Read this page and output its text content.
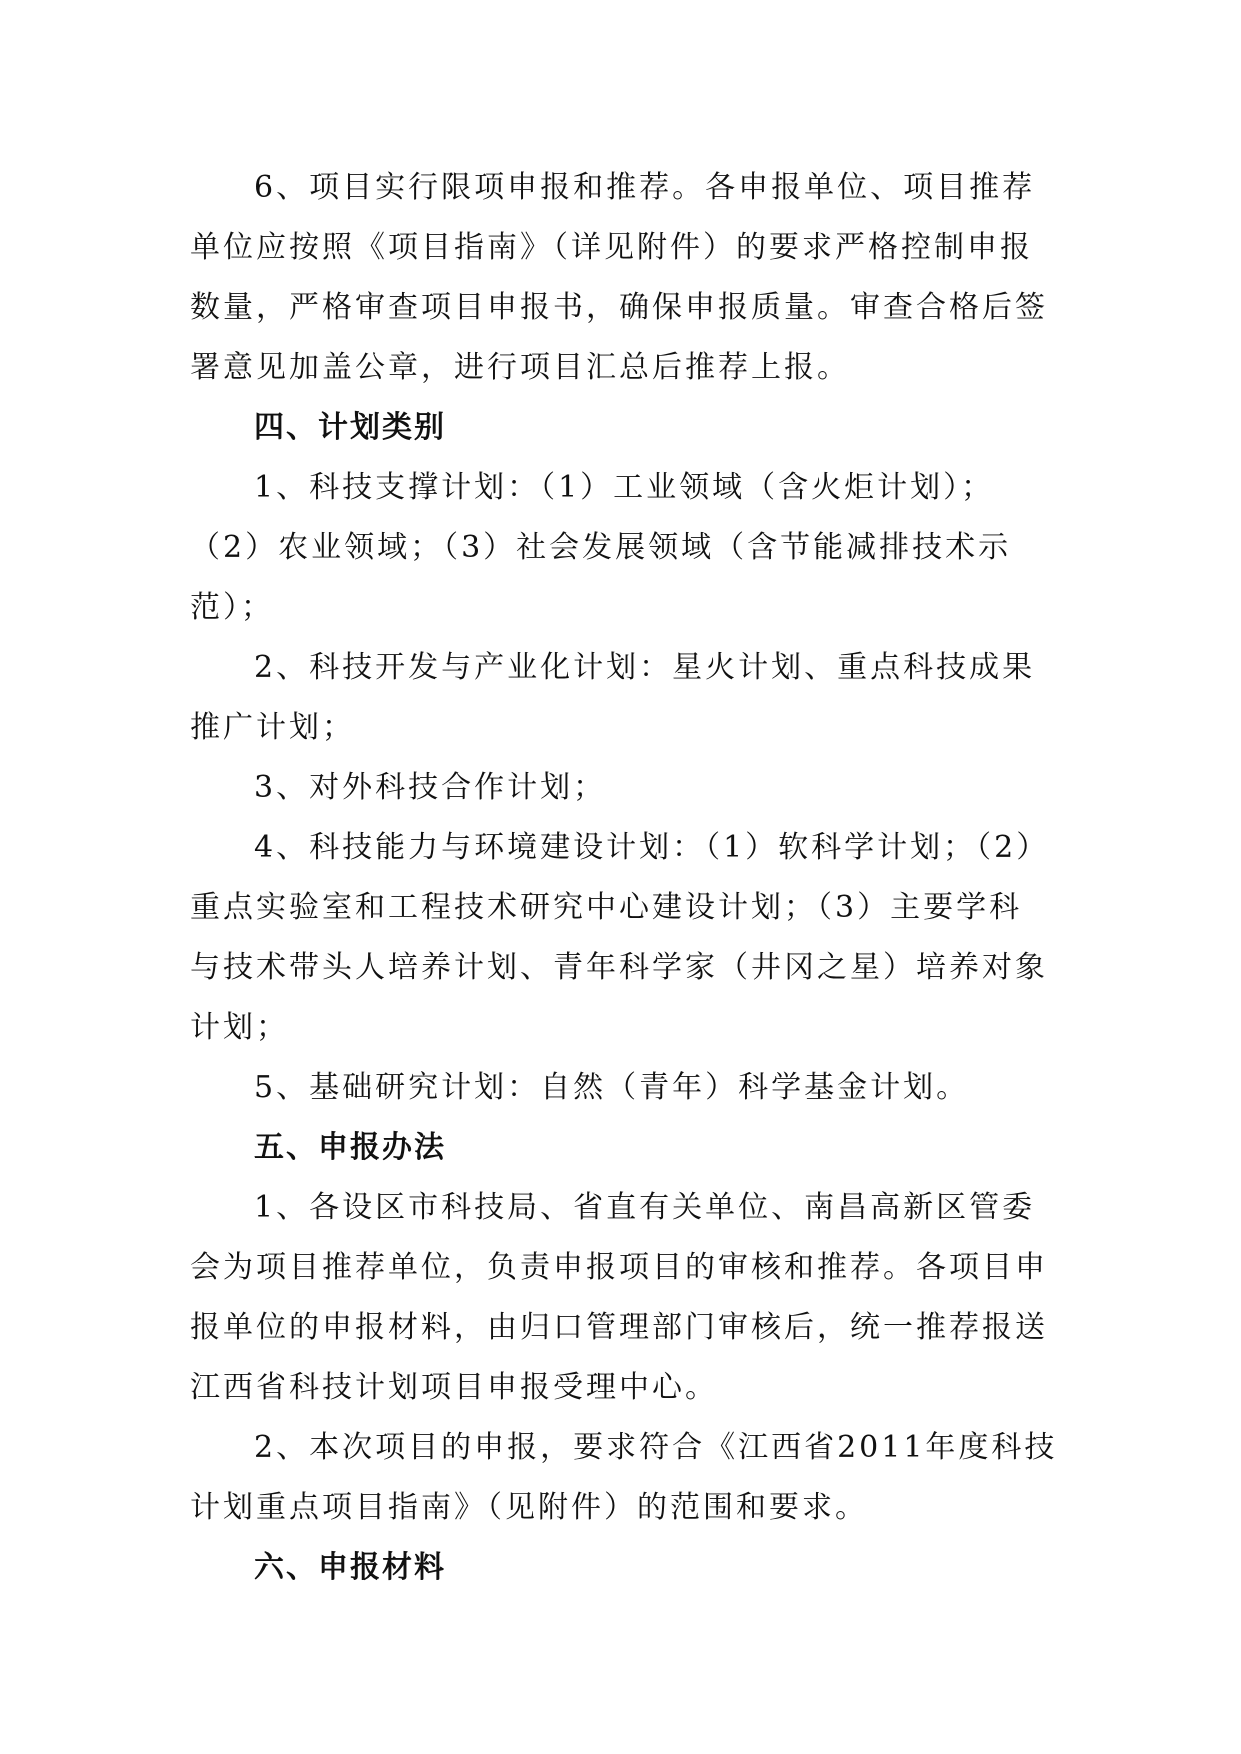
6、项目实行限项申报和推荐。各申报单位、项目推荐
单位应按照《项目指南》（详见附件）的要求严格控制申报
数量，严格审查项目申报书，确保申报质量。审查合格后签
署意见加盖公章，进行项目汇总后推荐上报。
四、计划类别
1、科技支撑计划：（1）工业领域（含火炬计划）；
（2）农业领域；（3）社会发展领域（含节能减排技术示
范）；
2、科技开发与产业化计划：星火计划、重点科技成果
推广计划；
3、对外科技合作计划；
4、科技能力与环境建设计划：（1）软科学计划；（2）
重点实验室和工程技术研究中心建设计划；（3）主要学科
与技术带头人培养计划、青年科学家（井冈之星）培养对象
计划；
5、基础研究计划：自然（青年）科学基金计划。
五、申报办法
1、各设区市科技局、省直有关单位、南昌高新区管委
会为项目推荐单位，负责申报项目的审核和推荐。各项目申
报单位的申报材料，由归口管理部门审核后，统一推荐报送
江西省科技计划项目申报受理中心。
2、本次项目的申报，要求符合《江西省2011年度科技
计划重点项目指南》（见附件）的范围和要求。
六、申报材料
